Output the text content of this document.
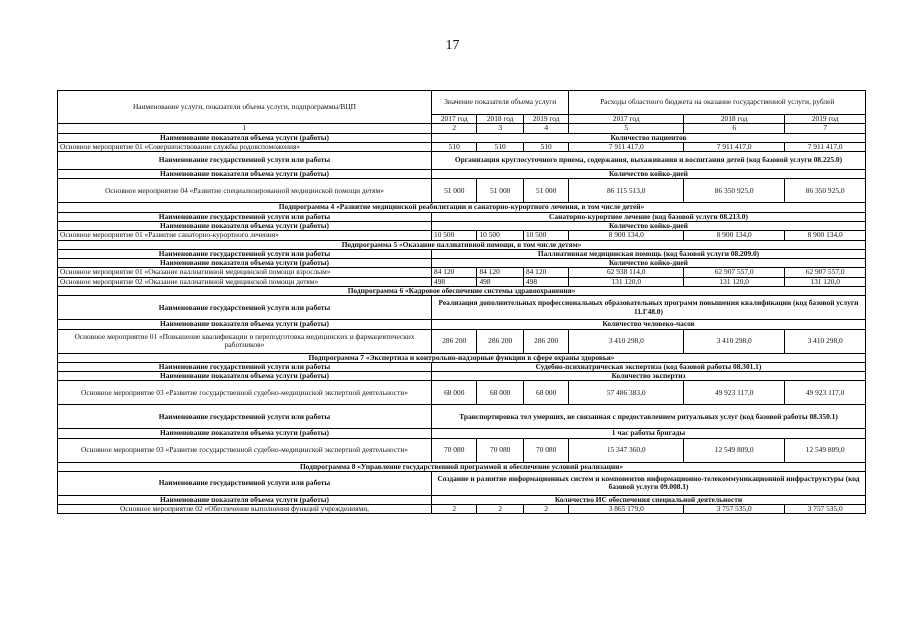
17
Наименование услуги, показатели объема услуги, подпрограммы/ВЦП	Значение показателя объема услуги			Расходы областного бюджета на оказание государственной услуги, рублей		
	2017 год	2018 год	2019 год	2017 год	2018 год	2019 год
1	2	3	4	5	6	7
Наименование показателя объема услуги (работы)	Количество пациентов					
Основное мероприятие 01 «Совершенствование службы родовспоможения»	510	510	510	7 911 417,0	7 911 417,0	7 911 417,0
Наименование государственной услуги или работы	Организация круглосуточного приема, содержания, выхаживания и воспитания детей (код базовой услуги 08.225.0)					
Наименование показателя объема услуги (работы)	Количество койко-дней					
Основное мероприятие 04 «Развитие специализированной медицинской помощи детям»	51 000	51 000	51 000	86 115 513,0	86 350 925,0	86 350 925,0
Подпрограмма 4 «Развитие медицинской реабилитации и санаторно-курортного лечения, в том числе детей»						
Наименование государственной услуги или работы	Санаторно-курортное лечение (код базовой услуги 08.213.0)					
Наименование показателя объема услуги (работы)	Количество койко-дней					
Основное мероприятие 01 «Развитие санаторно-курортного лечения»	10 500	10 500	10 500	8 900 134,0	8 900 134,0	8 900 134,0
Подпрограмма 5 «Оказание паллиативной помощи, в том числе детям»						
Наименование государственной услуги или работы	Паллиативная медицинская помощь (код базовой услуги 08.209.0)					
Наименование показателя объема услуги (работы)	Количество койко-дней					
Основное мероприятие 01 «Оказание паллиативной медицинской помощи взрослым»	84 120	84 120	84 120	62 938 114,0	62 907 557,0	62 907 557,0
Основное мероприятие 02 «Оказание паллиативной медицинской помощи детям»	498	498	498	131 120,0	131 120,0	131 120,0
Подпрограмма 6 «Кадровое обеспечение системы здравоохранения»						
Наименование государственной услуги или работы	Реализация дополнительных профессиональных образовательных программ повышения квалификации (код базовой услуги 11.Г48.0)					
Наименование показателя объема услуги (работы)	Количество человеко-часов					
Основное мероприятие 01 «Повышение квалификации и переподготовка медицинских и фармацевтических работников»	286 200	286 200	286 200	3 410 298,0	3 410 298,0	3 410 298,0
Подпрограмма 7 «Экспертиза и контрольно-надзорные функции в сфере охраны здоровья»						
Наименование государственной услуги или работы	Судебно-психиатрическая экспертиза (код базовой работы 08.301.1)					
Наименование показателя объема услуги (работы)	Количество экспертиз					
Основное мероприятие 03 «Развитие государственной судебно-медицинской экспертной деятельности»	68 000	68 000	68 000	57 486 383,0	49 923 117,0	49 923 117,0
Наименование государственной услуги или работы	Транспортировка тел умерших, не связанная с предоставлением ритуальных услуг (код базовой работы 08.350.1)					
Наименование показателя объема услуги (работы)	1 час работы бригады					
Основное мероприятие 03 «Развитие государственной судебно-медицинской экспертной деятельности»	70 080	70 080	70 080	15 347 360,0	12 549 809,0	12 549 809,0
Подпрограмма 8 «Управление государственной программой и обеспечение условий реализации»						
Наименование государственной услуги или работы	Создание и развитие информационных систем и компонентов информационно-телекоммуникационной инфраструктуры (код базовой услуги 09.008.1)					
Наименование показателя объема услуги (работы)	Количество ИС обеспечения специальной деятельности					
Основное мероприятие 02 «Обеспечение выполнения функций учреждениями,	2	2	2	3 865 179,0	3 757 535,0	3 757 535,0
